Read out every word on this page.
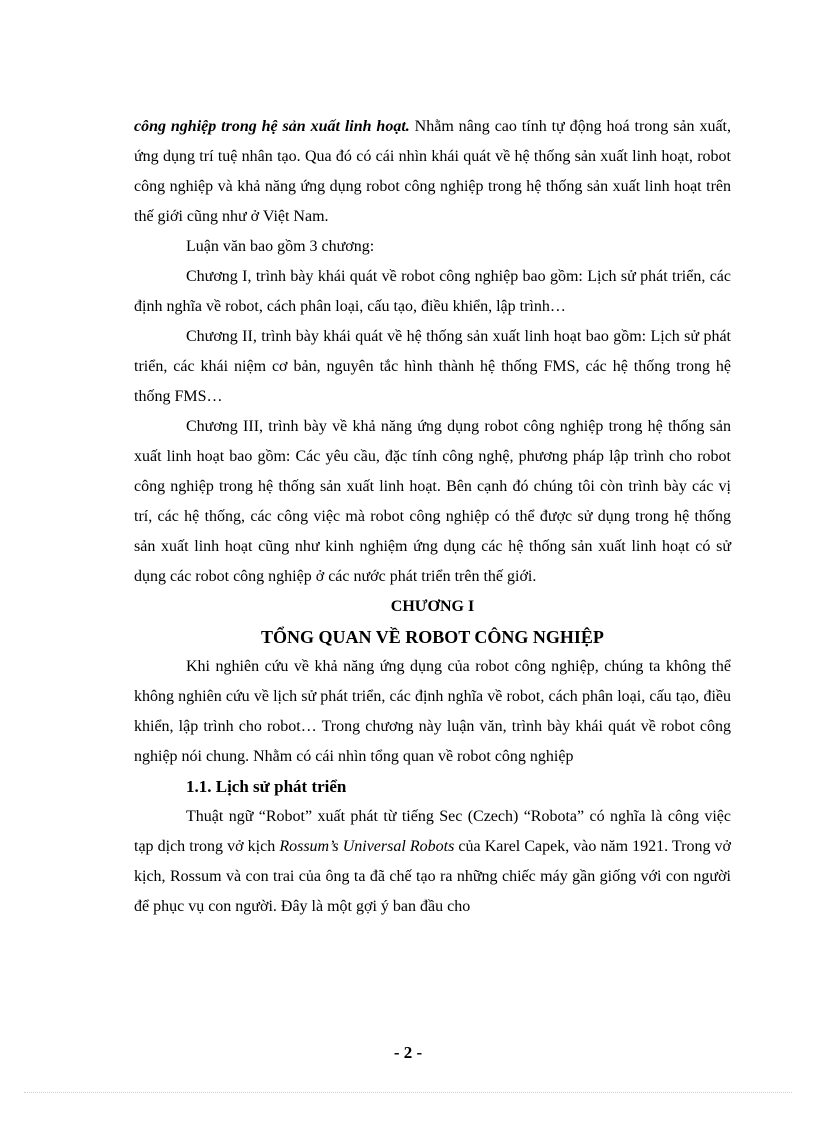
công nghiệp trong hệ sản xuất linh hoạt. Nhằm nâng cao tính tự động hoá trong sản xuất, ứng dụng trí tuệ nhân tạo. Qua đó có cái nhìn khái quát về hệ thống sản xuất linh hoạt, robot công nghiệp và khả năng ứng dụng robot công nghiệp trong hệ thống sản xuất linh hoạt trên thế giới cũng như ở Việt Nam.

Luận văn bao gồm 3 chương:

Chương I, trình bày khái quát về robot công nghiệp bao gồm: Lịch sử phát triển, các định nghĩa về robot, cách phân loại, cấu tạo, điều khiển, lập trình…

Chương II, trình bày khái quát về hệ thống sản xuất linh hoạt bao gồm: Lịch sử phát triển, các khái niệm cơ bản, nguyên tắc hình thành hệ thống FMS, các hệ thống trong hệ thống FMS…

Chương III, trình bày về khả năng ứng dụng robot công nghiệp trong hệ thống sản xuất linh hoạt bao gồm: Các yêu cầu, đặc tính công nghệ, phương pháp lập trình cho robot công nghiệp trong hệ thống sản xuất linh hoạt. Bên cạnh đó chúng tôi còn trình bày các vị trí, các hệ thống, các công việc mà robot công nghiệp có thể được sử dụng trong hệ thống sản xuất linh hoạt cũng như kinh nghiệm ứng dụng các hệ thống sản xuất linh hoạt có sử dụng các robot công nghiệp ở các nước phát triển trên thế giới.

CHƯƠNG I

TỔNG QUAN VỀ ROBOT CÔNG NGHIỆP

Khi nghiên cứu về khả năng ứng dụng của robot công nghiệp, chúng ta không thể không nghiên cứu về lịch sử phát triển, các định nghĩa về robot, cách phân loại, cấu tạo, điều khiển, lập trình cho robot… Trong chương này luận văn, trình bày khái quát về robot công nghiệp nói chung. Nhằm có cái nhìn tổng quan về robot công nghiệp

1.1. Lịch sử phát triển

Thuật ngữ “Robot” xuất phát từ tiếng Sec (Czech) “Robota” có nghĩa là công việc tạp dịch trong vở kịch Rossum’s Universal Robots của Karel Capek, vào năm 1921. Trong vở kịch, Rossum và con trai của ông ta đã chế tạo ra những chiếc máy gần giống với con người để phục vụ con người. Đây là một gợi ý ban đầu cho

- 2 -
